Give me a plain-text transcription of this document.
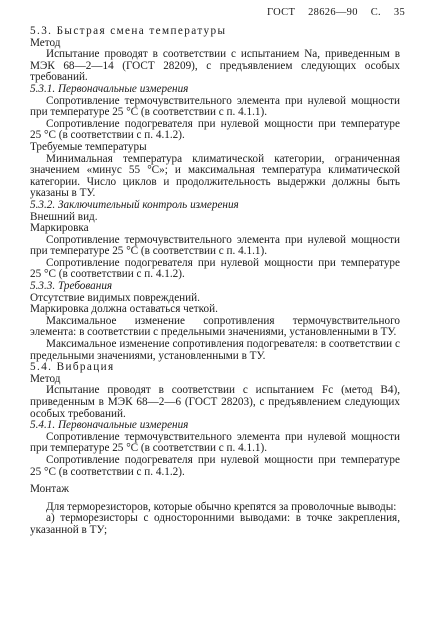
ГОСТ 28626—90 С. 35
5.3. Быстрая смена температуры
Метод
Испытание проводят в соответствии с испытанием Na, приведенным в МЭК 68—2—14 (ГОСТ 28209), с предъявлением следующих особых требований.
5.3.1. Первоначальные измерения
Сопротивление термочувствительного элемента при нулевой мощности при температуре 25 °C (в соответствии с п. 4.1.1).
Сопротивление подогревателя при нулевой мощности при температуре 25 °C (в соответствии с п. 4.1.2).
Требуемые температуры
Минимальная температура климатической категории, ограниченная значением «минус 55 °C»; и максимальная температура климатической категории. Число циклов и продолжительность выдержки должны быть указаны в ТУ.
5.3.2. Заключительный контроль измерения
Внешний вид.
Маркировка
Сопротивление термочувствительного элемента при нулевой мощности при температуре 25 °C (в соответствии с п. 4.1.1).
Сопротивление подогревателя при нулевой мощности при температуре 25 °C (в соответствии с п. 4.1.2).
5.3.3. Требования
Отсутствие видимых повреждений.
Маркировка должна оставаться четкой.
Максимальное изменение сопротивления термочувствительного элемента: в соответствии с предельными значениями, установленными в ТУ.
Максимальное изменение сопротивления подогревателя: в соответствии с предельными значениями, установленными в ТУ.
5.4. Вибрация
Метод
Испытание проводят в соответствии с испытанием Fc (метод B4), приведенным в МЭК 68—2—6 (ГОСТ 28203), с предъявлением следующих особых требований.
5.4.1. Первоначальные измерения
Сопротивление термочувствительного элемента при нулевой мощности при температуре 25 °C (в соответствии с п. 4.1.1).
Сопротивление подогревателя при нулевой мощности при температуре 25 °C (в соответствии с п. 4.1.2).
Монтаж
Для терморезисторов, которые обычно крепятся за проволочные выводы:
а) терморезисторы с односторонними выводами: в точке закрепления, указанной в ТУ;
